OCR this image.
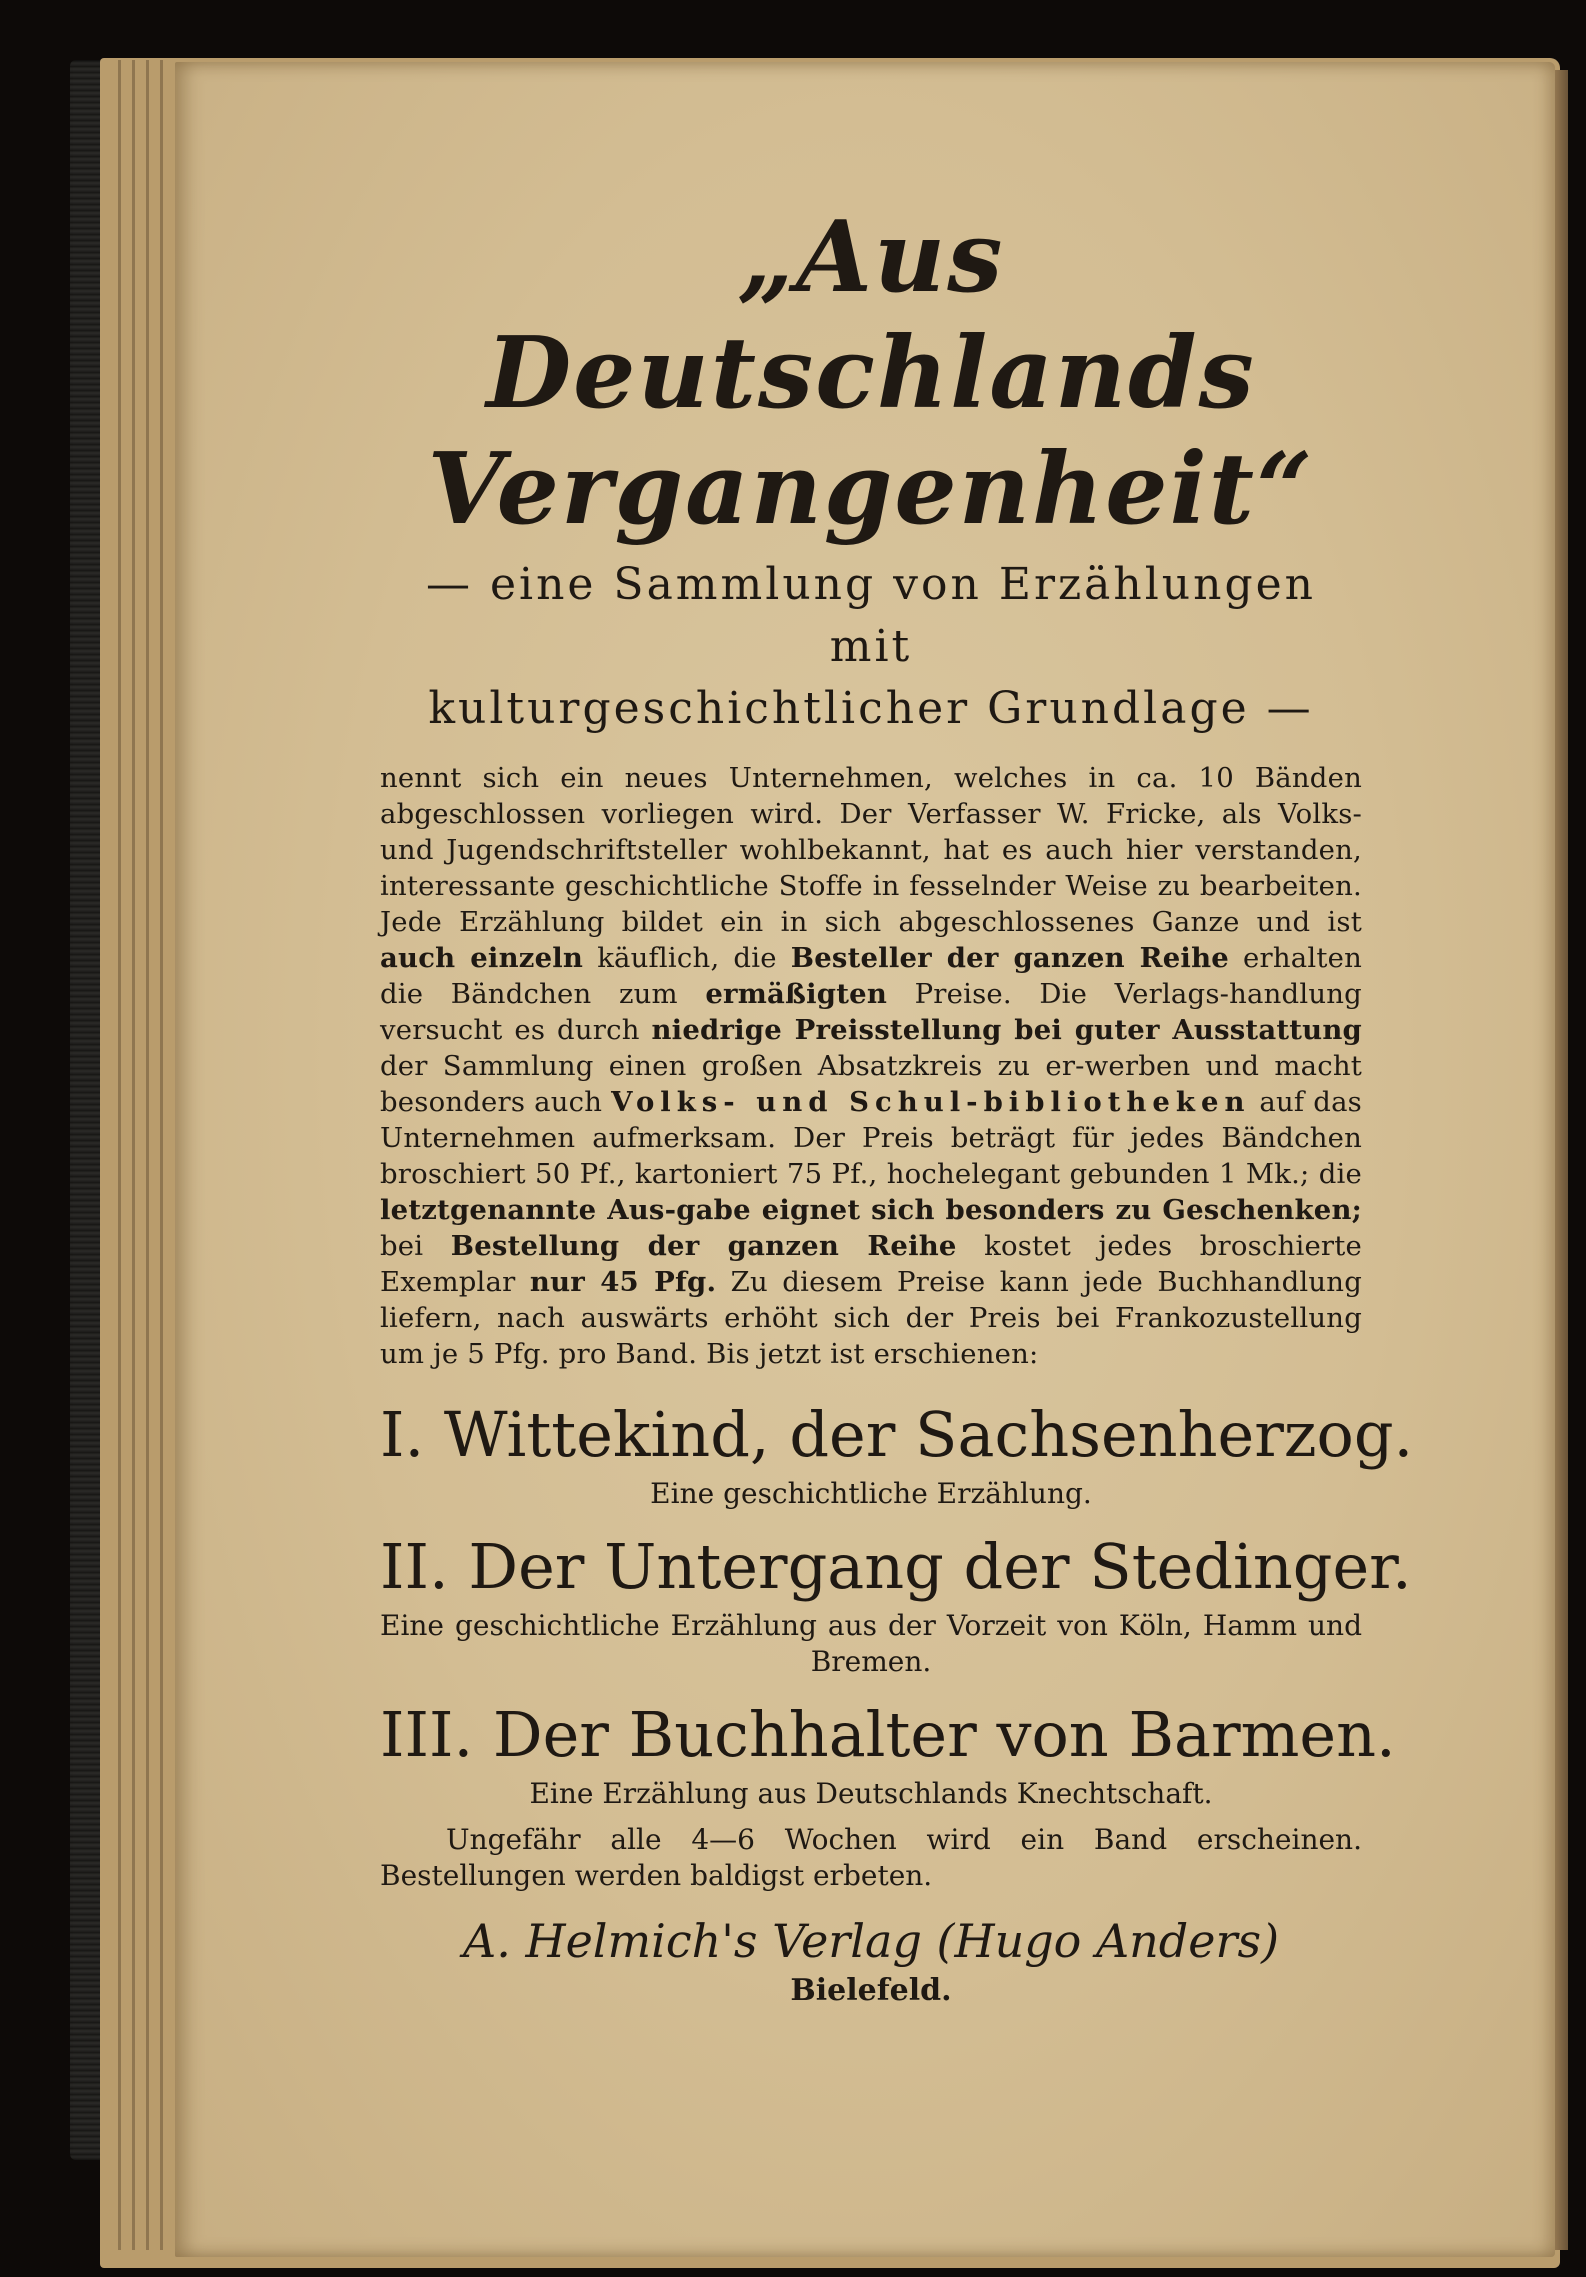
„Aus Deutschlands Vergangenheit“

— eine Sammlung von Erzählungen mit
kulturgeschichtlicher Grundlage —

nennt sich ein neues Unternehmen, welches in ca. 10 Bänden abgeschlossen vorliegen wird. Der Verfasser W. Fricke, als Volks- und Jugendschriftsteller wohlbekannt, hat es auch hier verstanden, interessante geschichtliche Stoffe in fesselnder Weise zu bearbeiten. Jede Erzählung bildet ein in sich abgeschlossenes Ganze und ist auch einzeln käuflich, die Besteller der ganzen Reihe erhalten die Bändchen zum ermäßigten Preise. Die Verlags-handlung versucht es durch niedrige Preisstellung bei guter Ausstattung der Sammlung einen großen Absatzkreis zu er-werben und macht besonders auch Volks- und Schul-bibliotheken auf das Unternehmen aufmerksam. Der Preis beträgt für jedes Bändchen broschiert 50 Pf., kartoniert 75 Pf., hochelegant gebunden 1 Mk.; die letztgenannte Aus-gabe eignet sich besonders zu Geschenken; bei Bestellung der ganzen Reihe kostet jedes broschierte Exemplar nur 45 Pfg. Zu diesem Preise kann jede Buchhandlung liefern, nach auswärts erhöht sich der Preis bei Frankozustellung um je 5 Pfg. pro Band. Bis jetzt ist erschienen:

I. Wittekind, der Sachsenherzog.

Eine geschichtliche Erzählung.

II. Der Untergang der Stedinger.

Eine geschichtliche Erzählung aus der Vorzeit von Köln, Hamm und Bremen.

III. Der Buchhalter von Barmen.

Eine Erzählung aus Deutschlands Knechtschaft.

Ungefähr alle 4—6 Wochen wird ein Band erscheinen. Bestellungen werden baldigst erbeten.

A. Helmich's Verlag (Hugo Anders)

Bielefeld.
